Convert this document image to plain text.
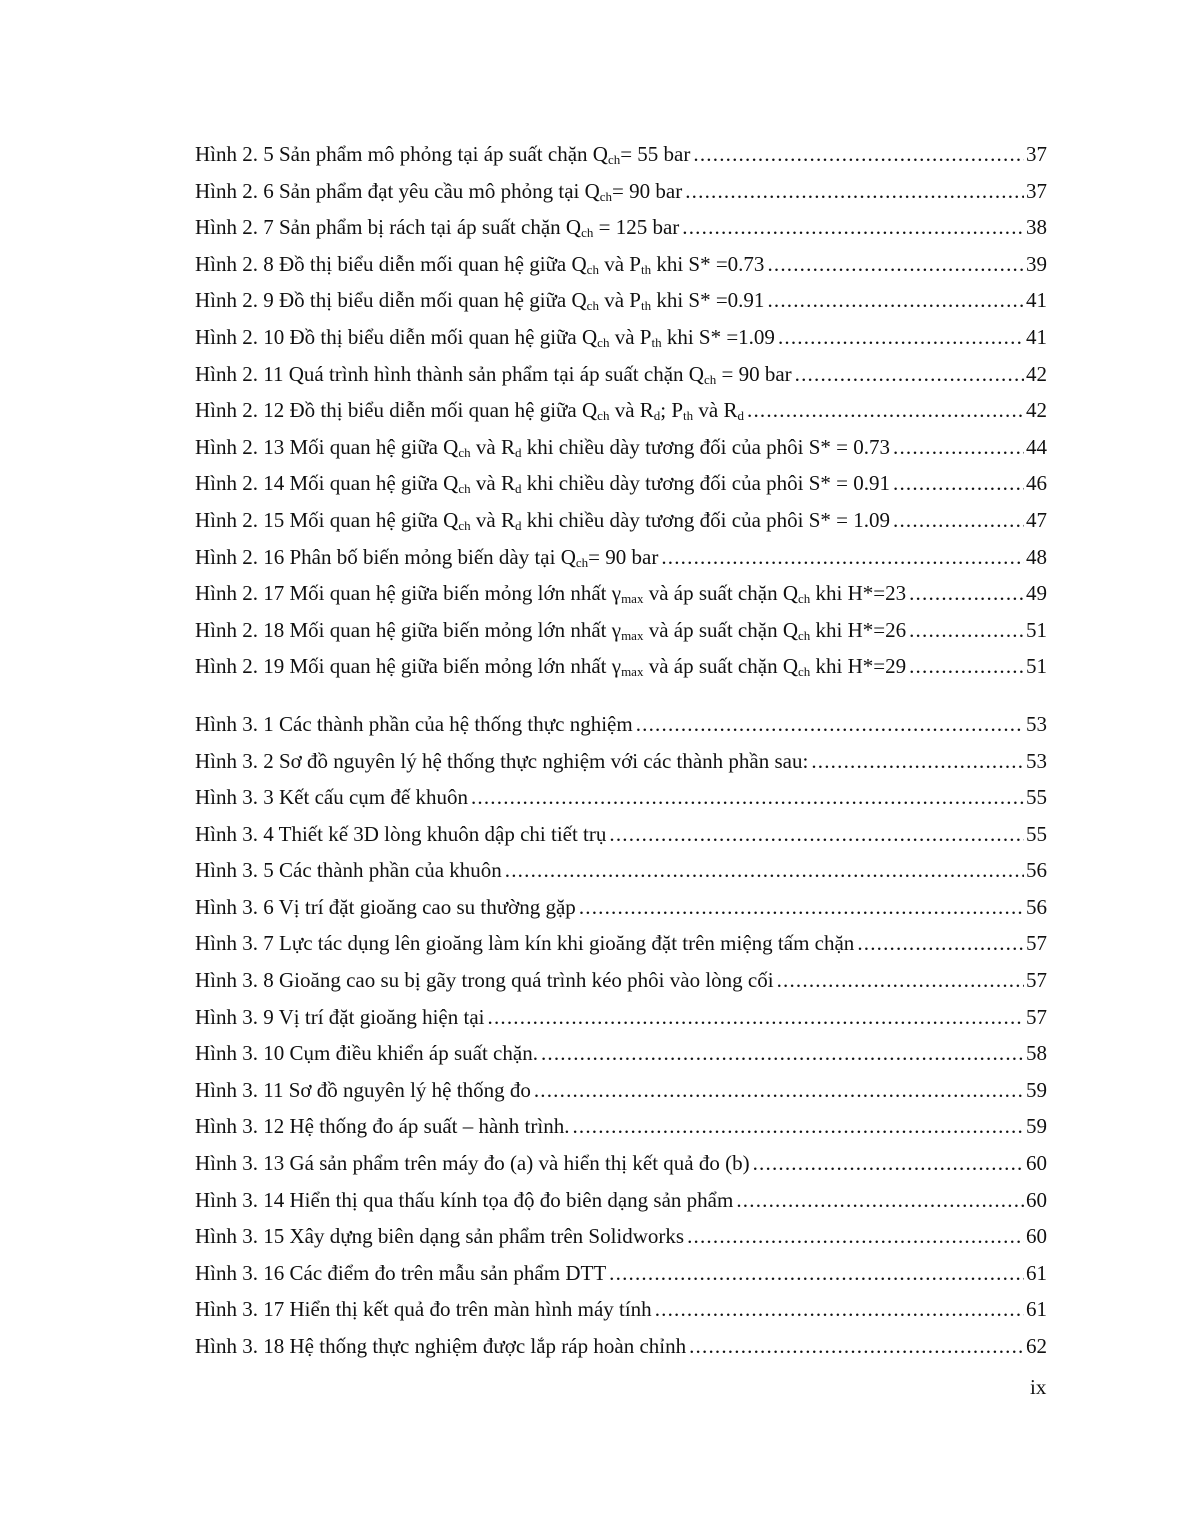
Hình 2. 5 Sản phẩm mô phỏng tại áp suất chặn $Q_{ch}= 55$ bar .....	37
Hình 2. 6 Sản phẩm đạt yêu cầu mô phỏng tại $Q_{ch}= 90$ bar .....	37
Hình 2. 7 Sản phẩm bị rách tại áp suất chặn $Q_{ch} = 125$ bar .....	38
Hình 2. 8 Đồ thị biểu diễn mối quan hệ giữa $Q_{ch}$ và $P_{th}$ khi S* =0.73 .....	39
Hình 2. 9 Đồ thị biểu diễn mối quan hệ giữa $Q_{ch}$ và $P_{th}$ khi S* =0.91 .....	41
Hình 2. 10 Đồ thị biểu diễn mối quan hệ giữa $Q_{ch}$ và $P_{th}$ khi S* =1.09 .....	41
Hình 2. 11 Quá trình hình thành sản phẩm tại áp suất chặn $Q_{ch} = 90$ bar .....	42
Hình 2. 12 Đồ thị biểu diễn mối quan hệ giữa $Q_{ch}$ và $R_d$; $P_{th}$ và $R_d$ .....	42
Hình 2. 13 Mối quan hệ giữa $Q_{ch}$ và $R_d$ khi chiều dày tương đối của phôi S* = 0.73 .....	44
Hình 2. 14 Mối quan hệ giữa $Q_{ch}$ và $R_d$ khi chiều dày tương đối của phôi S* = 0.91 .....	46
Hình 2. 15 Mối quan hệ giữa $Q_{ch}$ và $R_d$ khi chiều dày tương đối của phôi S* = 1.09 .....	47
Hình 2. 16 Phân bố biến mỏng biến dày tại $Q_{ch}= 90$ bar .....	48
Hình 2. 17 Mối quan hệ giữa biến mỏng lớn nhất $\gamma_{max}$ và áp suất chặn $Q_{ch}$ khi H*=23 .....	49
Hình 2. 18 Mối quan hệ giữa biến mỏng lớn nhất $\gamma_{max}$ và áp suất chặn $Q_{ch}$ khi H*=26 .....	51
Hình 2. 19 Mối quan hệ giữa biến mỏng lớn nhất $\gamma_{max}$ và áp suất chặn $Q_{ch}$ khi H*=29 .....	51
Hình 3. 1 Các thành phần của hệ thống thực nghiệm .....	53
Hình 3. 2 Sơ đồ nguyên lý hệ thống thực nghiệm với các thành phần sau: .....	53
Hình 3. 3 Kết cấu cụm đế khuôn .....	55
Hình 3. 4 Thiết kế 3D lòng khuôn dập chi tiết trụ .....	55
Hình 3. 5 Các thành phần của khuôn .....	56
Hình 3. 6 Vị trí đặt gioăng cao su thường gặp .....	56
Hình 3. 7 Lực tác dụng lên gioăng làm kín khi gioăng đặt trên miệng tấm chặn .....	57
Hình 3. 8 Gioăng cao su bị gãy trong quá trình kéo phôi vào lòng cối .....	57
Hình 3. 9 Vị trí đặt gioăng hiện tại .....	57
Hình 3. 10 Cụm điều khiển áp suất chặn. .....	58
Hình 3. 11 Sơ đồ nguyên lý hệ thống đo .....	59
Hình 3. 12 Hệ thống đo áp suất – hành trình. .....	59
Hình 3. 13 Gá sản phẩm trên máy đo (a) và hiển thị kết quả đo (b) .....	60
Hình 3. 14 Hiển thị qua thấu kính tọa độ đo biên dạng sản phẩm .....	60
Hình 3. 15 Xây dựng biên dạng sản phẩm trên Solidworks .....	60
Hình 3. 16 Các điểm đo trên mẫu sản phẩm DTT .....	61
Hình 3. 17 Hiển thị kết quả đo trên màn hình máy tính .....	61
Hình 3. 18 Hệ thống thực nghiệm được lắp ráp hoàn chỉnh .....	62
ix
